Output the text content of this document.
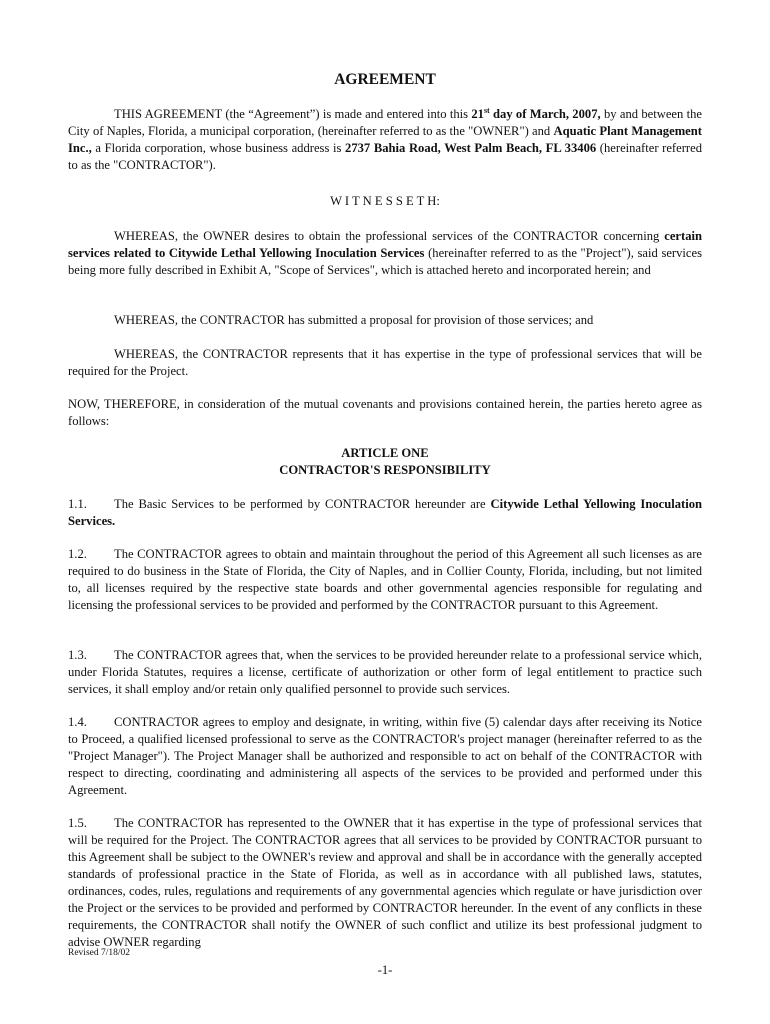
AGREEMENT

THIS AGREEMENT (the “Agreement”) is made and entered into this 21st day of March, 2007, by and between the City of Naples, Florida, a municipal corporation, (hereinafter referred to as the "OWNER") and Aquatic Plant Management Inc., a Florida corporation, whose business address is 2737 Bahia Road, West Palm Beach, FL 33406 (hereinafter referred to as the "CONTRACTOR").

W I T N E S S E T H:

WHEREAS, the OWNER desires to obtain the professional services of the CONTRACTOR concerning certain services related to Citywide Lethal Yellowing Inoculation Services (hereinafter referred to as the "Project"), said services being more fully described in Exhibit A, "Scope of Services", which is attached hereto and incorporated herein; and

WHEREAS, the CONTRACTOR has submitted a proposal for provision of those services; and

WHEREAS, the CONTRACTOR represents that it has expertise in the type of professional services that will be required for the Project.

NOW, THEREFORE, in consideration of the mutual covenants and provisions contained herein, the parties hereto agree as follows:

ARTICLE ONE
CONTRACTOR'S RESPONSIBILITY

1.1. The Basic Services to be performed by CONTRACTOR hereunder are Citywide Lethal Yellowing Inoculation Services.

1.2. The CONTRACTOR agrees to obtain and maintain throughout the period of this Agreement all such licenses as are required to do business in the State of Florida, the City of Naples, and in Collier County, Florida, including, but not limited to, all licenses required by the respective state boards and other governmental agencies responsible for regulating and licensing the professional services to be provided and performed by the CONTRACTOR pursuant to this Agreement.

1.3. The CONTRACTOR agrees that, when the services to be provided hereunder relate to a professional service which, under Florida Statutes, requires a license, certificate of authorization or other form of legal entitlement to practice such services, it shall employ and/or retain only qualified personnel to provide such services.

1.4. CONTRACTOR agrees to employ and designate, in writing, within five (5) calendar days after receiving its Notice to Proceed, a qualified licensed professional to serve as the CONTRACTOR's project manager (hereinafter referred to as the "Project Manager"). The Project Manager shall be authorized and responsible to act on behalf of the CONTRACTOR with respect to directing, coordinating and administering all aspects of the services to be provided and performed under this Agreement.

1.5. The CONTRACTOR has represented to the OWNER that it has expertise in the type of professional services that will be required for the Project. The CONTRACTOR agrees that all services to be provided by CONTRACTOR pursuant to this Agreement shall be subject to the OWNER's review and approval and shall be in accordance with the generally accepted standards of professional practice in the State of Florida, as well as in accordance with all published laws, statutes, ordinances, codes, rules, regulations and requirements of any governmental agencies which regulate or have jurisdiction over the Project or the services to be provided and performed by CONTRACTOR hereunder. In the event of any conflicts in these requirements, the CONTRACTOR shall notify the OWNER of such conflict and utilize its best professional judgment to advise OWNER regarding

Revised 7/18/02
-1-
